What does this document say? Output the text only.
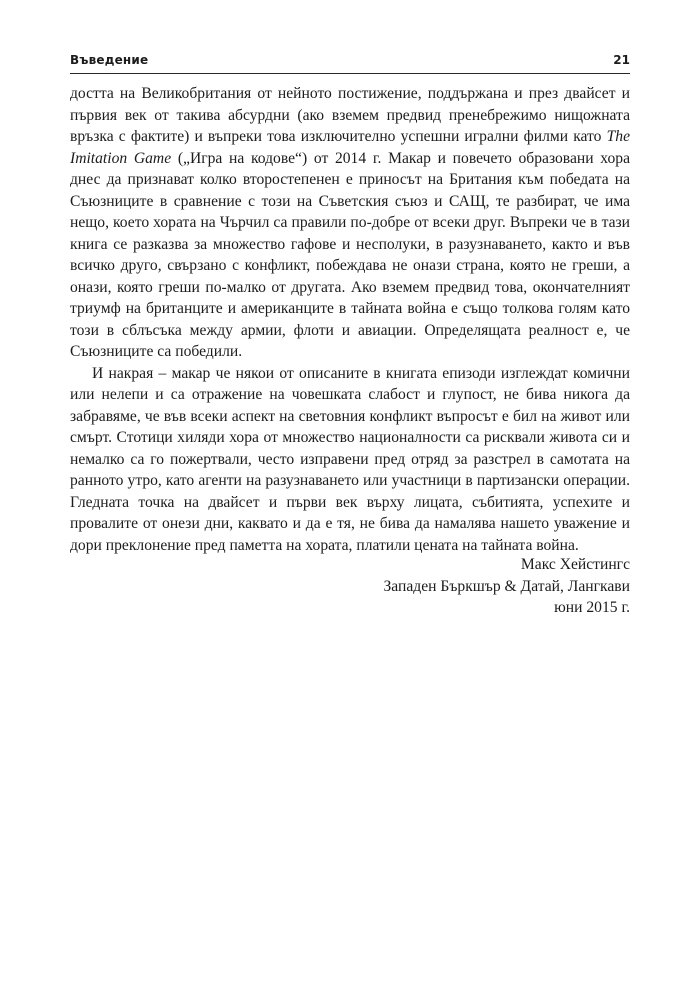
Въведение	21

достта на Великобритания от нейното постижение, поддържана и през двайсет и първия век от такива абсурдни (ако вземем предвид пренебрежимо нищожната връзка с фактите) и въпреки това изключително успешни игрални филми като The Imitation Game („Игра на кодове“) от 2014 г. Макар и повечето образовани хора днес да признават колко второстепенен е приносът на Британия към победата на Съюзниците в сравнение с този на Съветския съюз и САЩ, те разбират, че има нещо, което хората на Чърчил са правили по-добре от всеки друг. Въпреки че в тази книга се разказва за множество гафове и несполуки, в разузнаването, както и във всичко друго, свързано с конфликт, побеждава не онази страна, която не греши, а онази, която греши по-малко от другата. Ако вземем предвид това, окончателният триумф на британците и американците в тайната война е също толкова голям като този в сблъсъка между армии, флоти и авиации. Определящата реалност е, че Съюзниците са победили.

И накрая – макар че някои от описаните в книгата епизоди изглеждат комични или нелепи и са отражение на човешката слабост и глупост, не бива никога да забравяме, че във всеки аспект на световния конфликт въпросът е бил на живот или смърт. Стотици хиляди хора от множество националности са рисквали живота си и немалко са го пожертвали, често изправени пред отряд за разстрел в самотата на ранното утро, като агенти на разузнаването или участници в партизански операции. Гледната точка на двайсет и първи век върху лицата, събитията, успехите и провалите от онези дни, каквато и да е тя, не бива да намалява нашето уважение и дори преклонение пред паметта на хората, платили цената на тайната война.

Макс Хейстингс
Западен Бъркшър & Датай, Лангкави
юни 2015 г.
